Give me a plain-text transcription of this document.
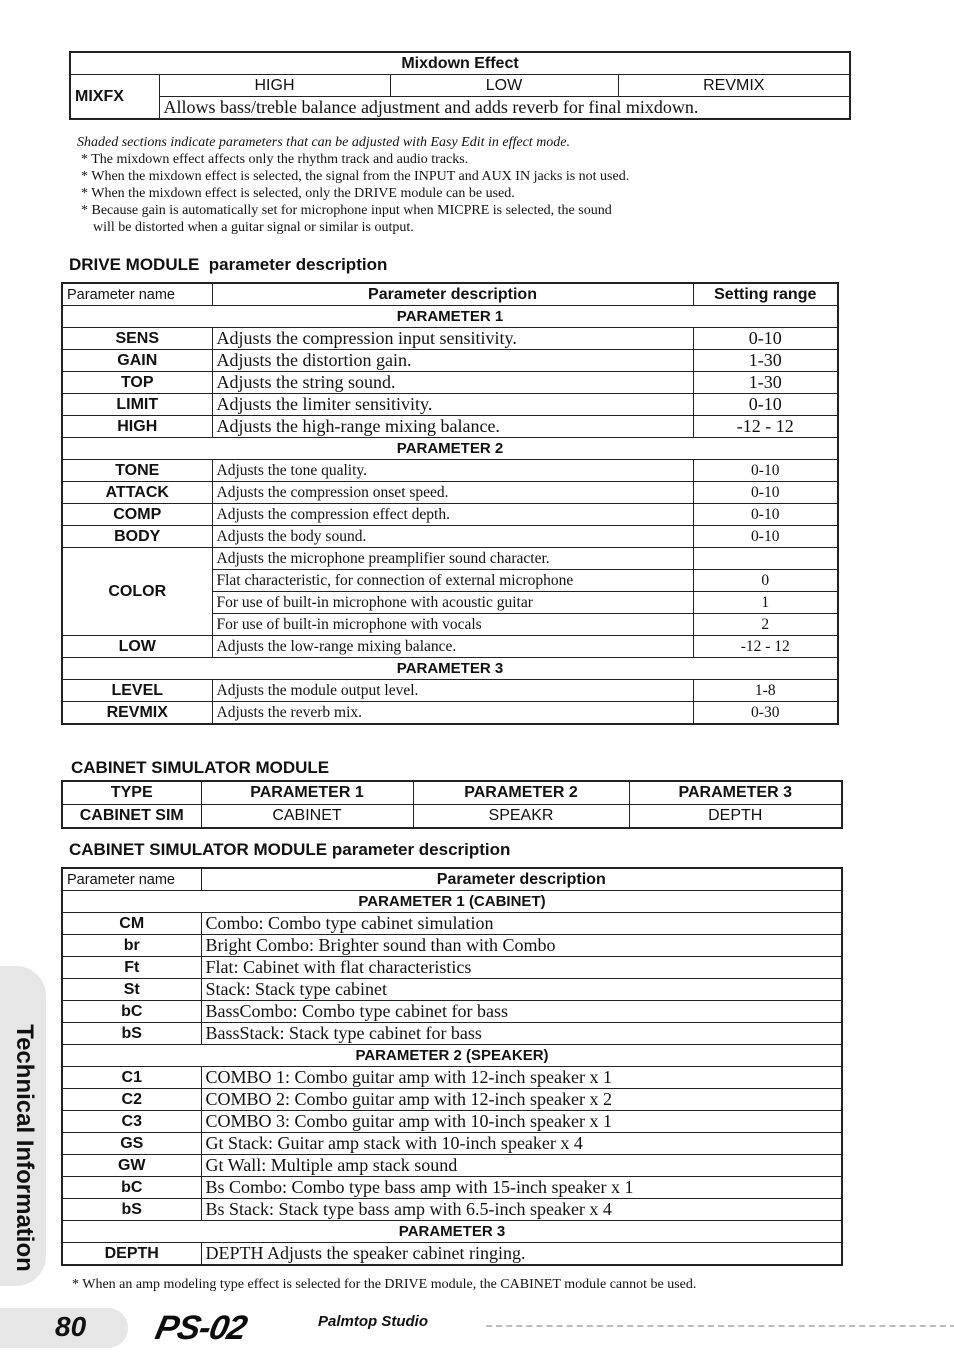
Mixdown Effect
MIXFX	HIGH	LOW	REVMIX
Allows bass/treble balance adjustment and adds reverb for final mixdown.
Shaded sections indicate parameters that can be adjusted with Easy Edit in effect mode.
* The mixdown effect affects only the rhythm track and audio tracks.
* When the mixdown effect is selected, the signal from the INPUT and AUX IN jacks is not used.
* When the mixdown effect is selected, only the DRIVE module can be used.
* Because gain is automatically set for microphone input when MICPRE is selected, the sound
will be distorted when a guitar signal or similar is output.
DRIVE MODULE  parameter description
Parameter name	Parameter description	Setting range
PARAMETER 1		
SENS	Adjusts the compression input sensitivity.	0-10
GAIN	Adjusts the distortion gain.	1-30
TOP	Adjusts the string sound.	1-30
LIMIT	Adjusts the limiter sensitivity.	0-10
HIGH	Adjusts the high-range mixing balance.	-12 - 12
PARAMETER 2		
TONE	Adjusts the tone quality.	0-10
ATTACK	Adjusts the compression onset speed.	0-10
COMP	Adjusts the compression effect depth.	0-10
BODY	Adjusts the body sound.	0-10
COLOR	Adjusts the microphone preamplifier sound character.	
	Flat characteristic, for connection of external microphone	0
	For use of built-in microphone with acoustic guitar	1
	For use of built-in microphone with vocals	2
LOW	Adjusts the low-range mixing balance.	-12 - 12
PARAMETER 3		
LEVEL	Adjusts the module output level.	1-8
REVMIX	Adjusts the reverb mix.	0-30
CABINET SIMULATOR MODULE
TYPE	PARAMETER 1	PARAMETER 2	PARAMETER 3
CABINET SIM	CABINET	SPEAKR	DEPTH
CABINET SIMULATOR MODULE parameter description
Parameter name	Parameter description
PARAMETER 1 (CABINET)	
CM	Combo: Combo type cabinet simulation
br	Bright Combo: Brighter sound than with Combo
Ft	Flat: Cabinet with flat characteristics
St	Stack: Stack type cabinet
bC	BassCombo: Combo type cabinet for bass
bS	BassStack: Stack type cabinet for bass
PARAMETER 2 (SPEAKER)	
C1	COMBO 1: Combo guitar amp with 12-inch speaker x 1
C2	COMBO 2: Combo guitar amp with 12-inch speaker x 2
C3	COMBO 3: Combo guitar amp with 10-inch speaker x 1
GS	Gt Stack: Guitar amp stack with 10-inch speaker x 4
GW	Gt Wall: Multiple amp stack sound
bC	Bs Combo: Combo type bass amp with 15-inch speaker x 1
bS	Bs Stack: Stack type bass amp with 6.5-inch speaker x 4
PARAMETER 3	
DEPTH	DEPTH Adjusts the speaker cabinet ringing.
* When an amp modeling type effect is selected for the DRIVE module, the CABINET module cannot be used.
Technical Information
80 PS-02	Palmtop Studio
